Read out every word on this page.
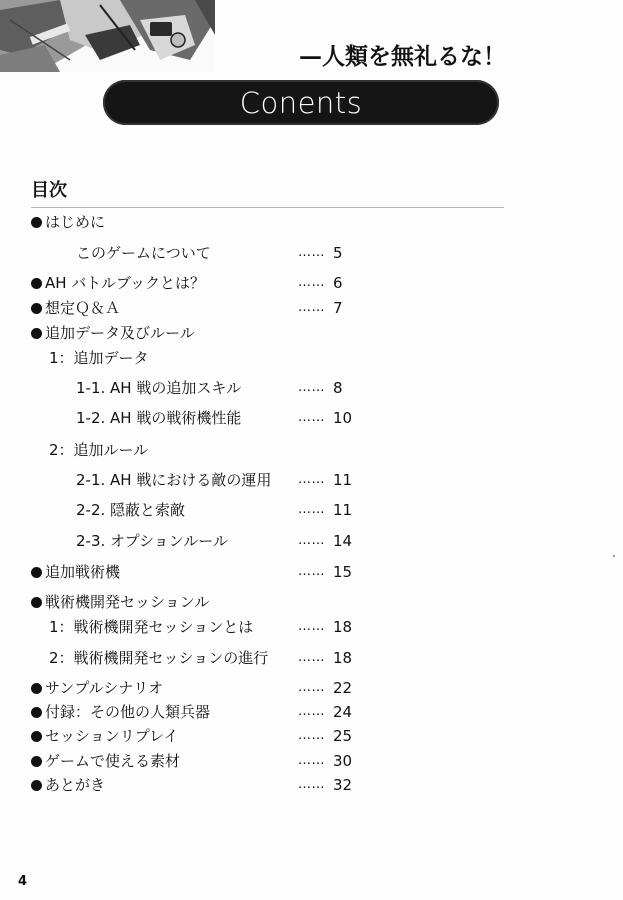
—人類を無礼るな！
Conents
目次
はじめに
このゲームについて	…… 5
AH バトルブックとは？	…… 6
想定Ｑ＆Ａ	…… 7
追加データ及びルール
1：追加データ
1-1. AH 戦の追加スキル	…… 8
1-2. AH 戦の戦術機性能	…… 10
2：追加ルール
2-1. AH 戦における敵の運用 …… 11
2-2. 隠蔽と索敵	…… 11
2-3. オプションルール	…… 14
追加戦術機	…… 15
戦術機開発セッションル
1：戦術機開発セッションとは	…… 18
2：戦術機開発セッションの進行 …… 18
サンプルシナリオ	…… 22
付録：その他の人類兵器	…… 24
セッションリプレイ	…… 25
ゲームで使える素材	…… 30
あとがき	…… 32
4
